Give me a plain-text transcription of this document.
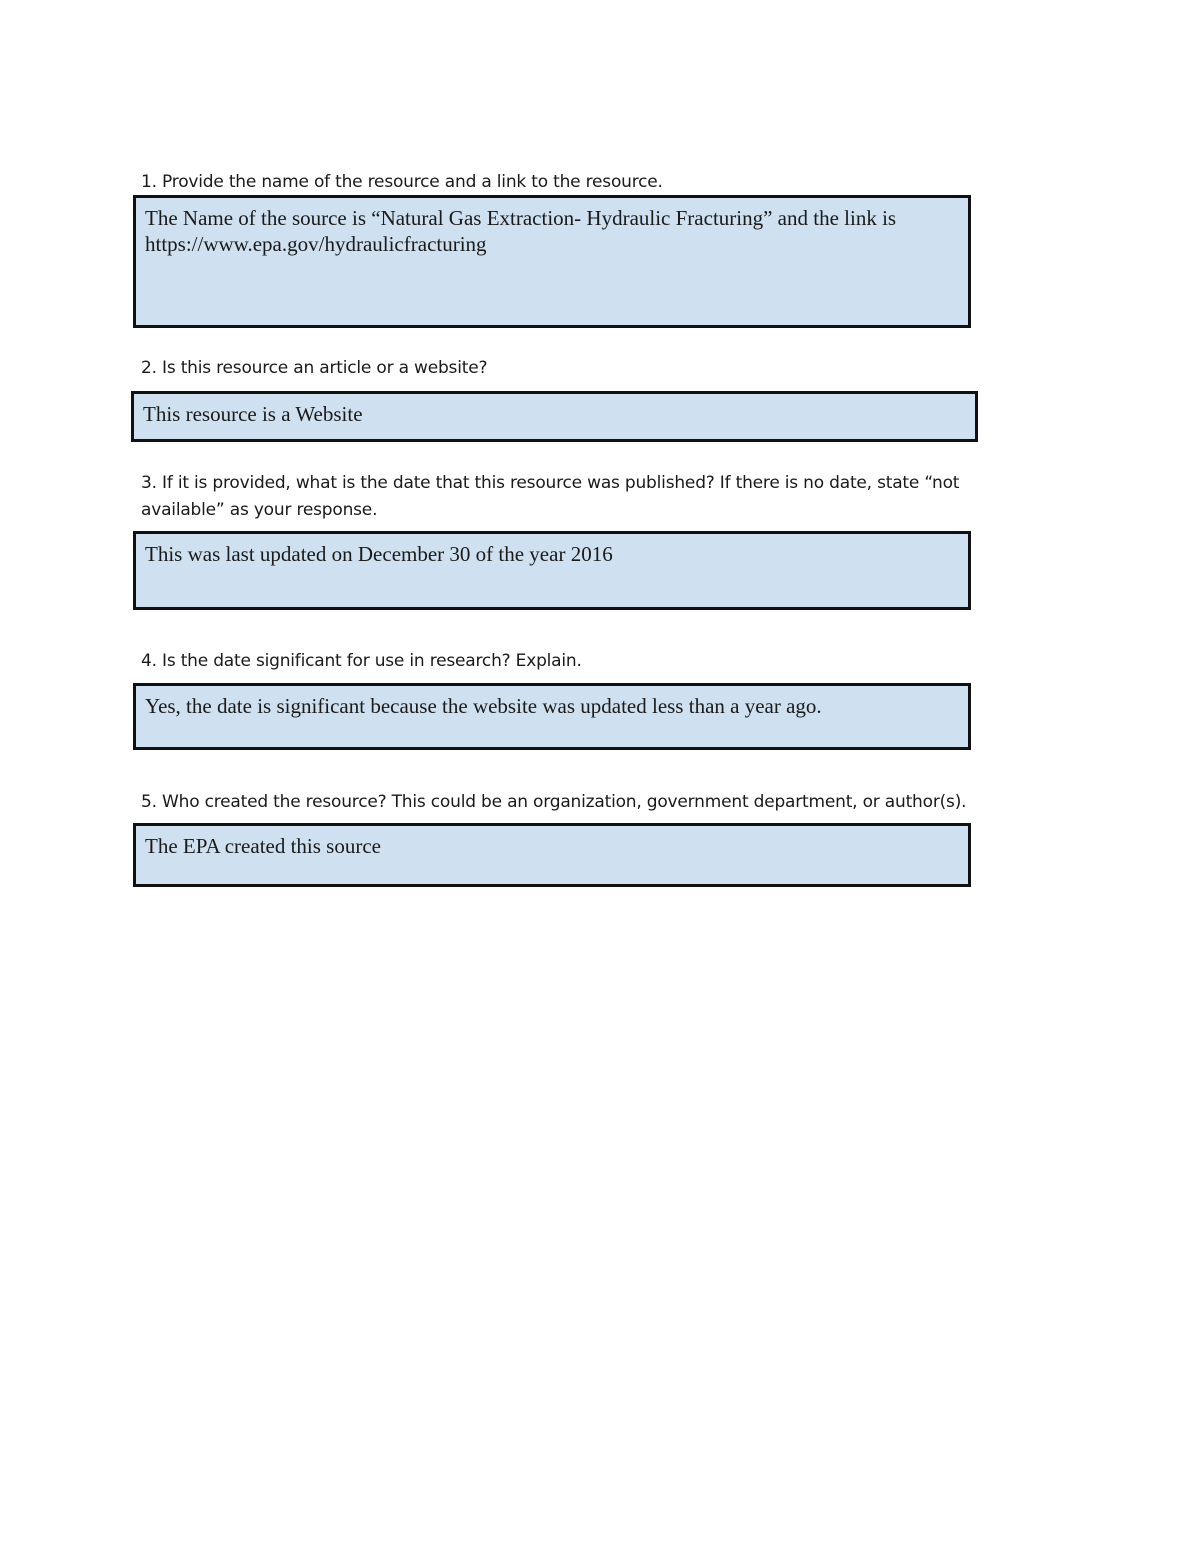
1. Provide the name of the resource and a link to the resource.
The Name of the source is “Natural Gas Extraction- Hydraulic Fracturing” and the link is
https://www.epa.gov/hydraulicfracturing
2. Is this resource an article or a website?
This resource is a Website
3. If it is provided, what is the date that this resource was published? If there is no date, state “not available” as your response.
This was last updated on December 30 of the year 2016
4. Is the date significant for use in research? Explain.
Yes, the date is significant because the website was updated less than a year ago.
5. Who created the resource? This could be an organization, government department, or author(s).
The EPA created this source
